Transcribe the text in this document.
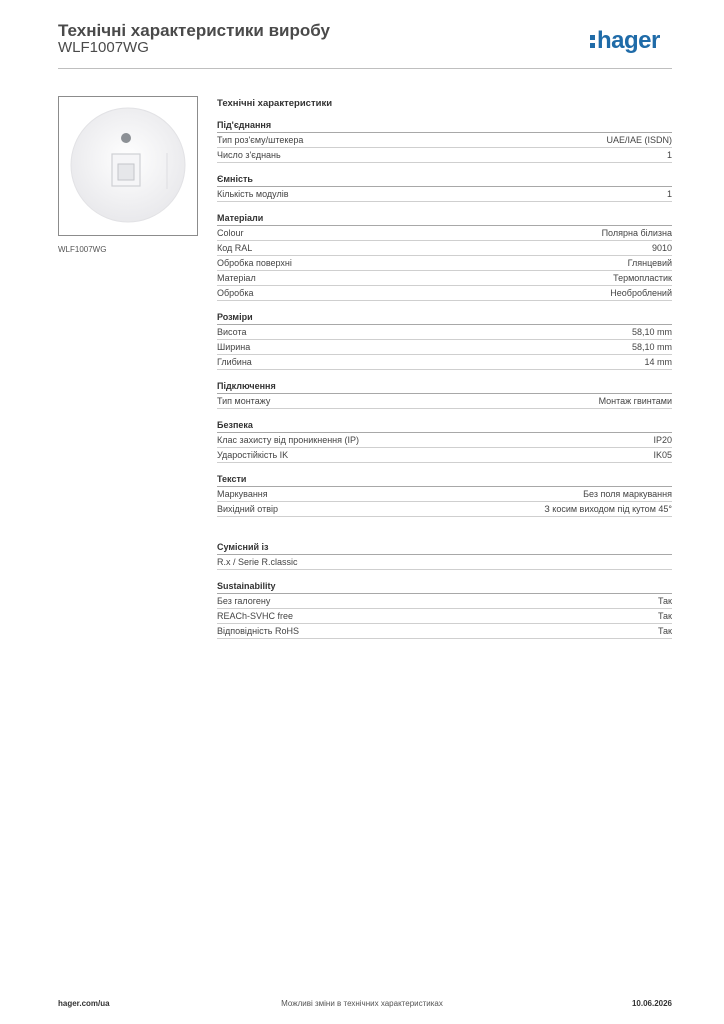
Технічні характеристики виробу
WLF1007WG	hager
WLF1007WG
Технічні характеристики
Під'єднання
Тип роз'єму/штекера	UAE/IAE (ISDN)
Число з'єднань	1
Ємність
Кількість модулів	1
Матеріали
Colour	Полярна білизна
Код RAL	9010
Обробка поверхні	Глянцевий
Матеріал	Термопластик
Обробка	Необроблений
Розміри
Висота	58,10 mm
Ширина	58,10 mm
Глибина	14 mm
Підключення
Тип монтажу	Монтаж гвинтами
Безпека
Клас захисту від проникнення (IP)	IP20
Ударостійкість IK	IK05
Тексти
Маркування	Без поля маркування
Вихідний отвір	З косим виходом під кутом 45°
Сумісний із
R.x / Serie R.classic
Sustainability
Без галогену	Так
REACh-SVHC free	Так
Відповідність RoHS	Так
hager.com/ua	Можливі зміни в технічних характеристиках	10.06.2026
